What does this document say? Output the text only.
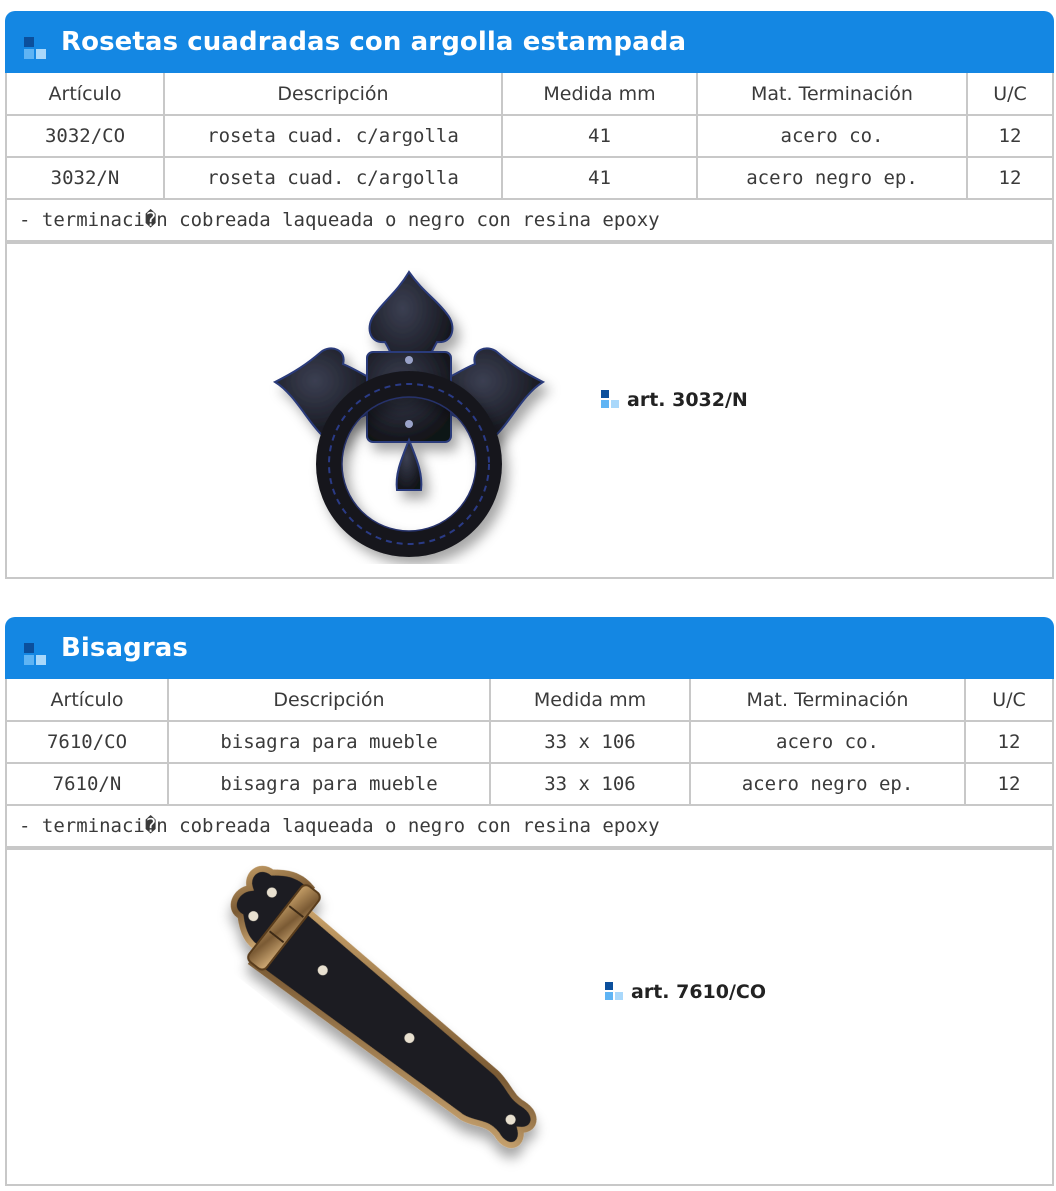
Rosetas cuadradas con argolla estampada
Artículo	Descripción	Medida mm	Mat. Terminación	U/C
3032/CO	roseta cuad. c/argolla	41	acero co.	12
3032/N	roseta cuad. c/argolla	41	acero negro ep.	12
- terminaci�n cobreada laqueada o negro con resina epoxy				
art. 3032/N
Bisagras
Artículo	Descripción	Medida mm	Mat. Terminación	U/C
7610/CO	bisagra para mueble	33 x 106	acero co.	12
7610/N	bisagra para mueble	33 x 106	acero negro ep.	12
- terminaci�n cobreada laqueada o negro con resina epoxy				
art. 7610/CO
